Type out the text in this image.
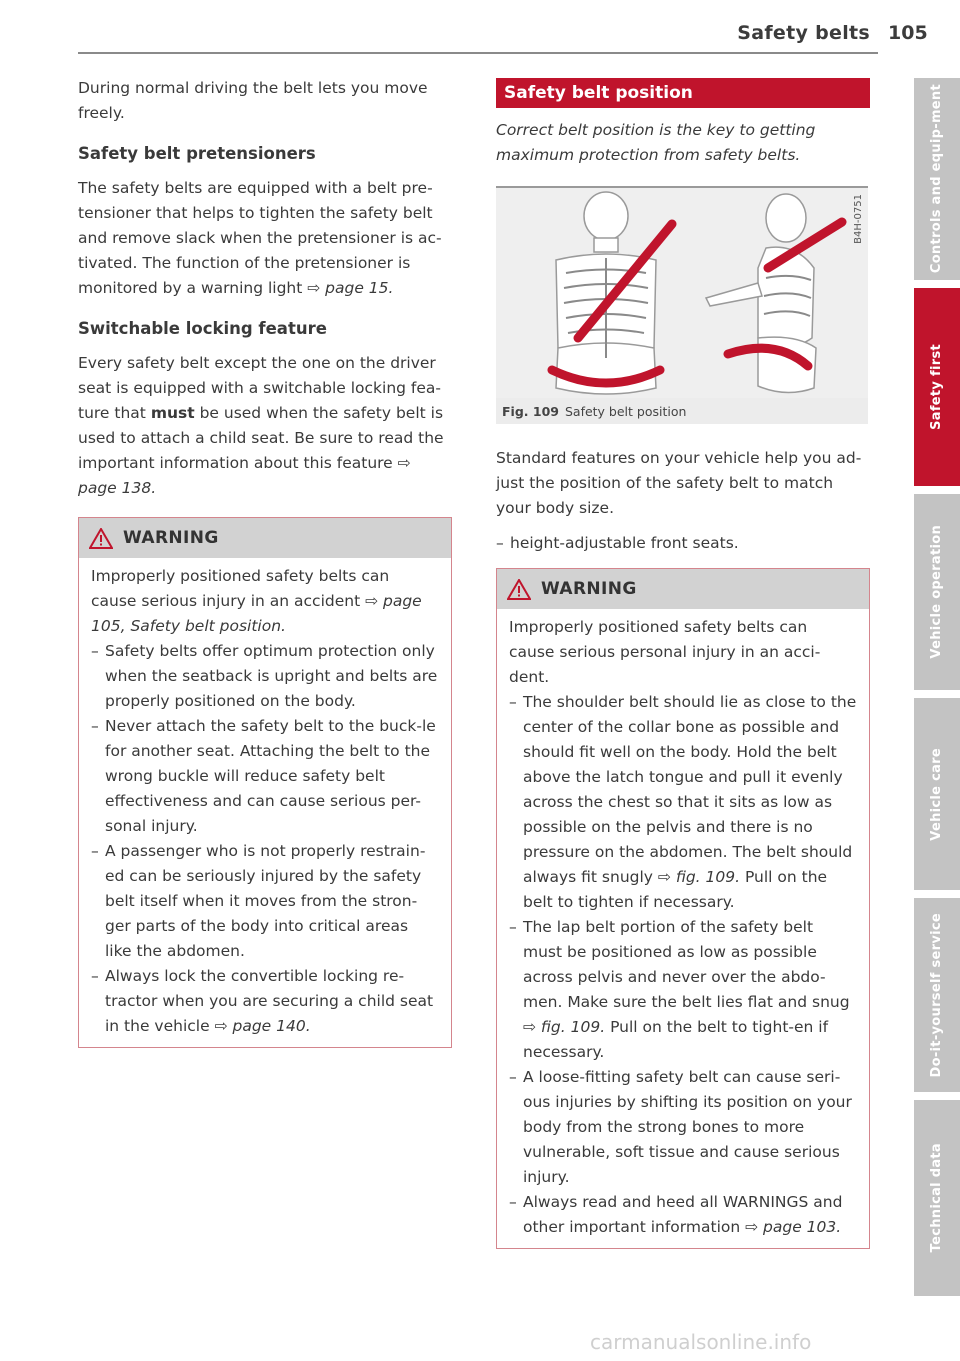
Safety belts 105

During normal driving the belt lets you move freely.

Safety belt pretensioners

The safety belts are equipped with a belt pre-tensioner that helps to tighten the safety belt and remove slack when the pretensioner is ac-tivated. The function of the pretensioner is monitored by a warning light ⇨ page 15.

Switchable locking feature

Every safety belt except the one on the driver seat is equipped with a switchable locking fea-ture that must be used when the safety belt is used to attach a child seat. Be sure to read the important information about this feature ⇨ page 138.

WARNING

Improperly positioned safety belts can cause serious injury in an accident ⇨ page 105, Safety belt position.

– Safety belts offer optimum protection only when the seatback is upright and belts are properly positioned on the body.
– Never attach the safety belt to the buck-le for another seat. Attaching the belt to the wrong buckle will reduce safety belt effectiveness and can cause serious per-sonal injury.
– A passenger who is not properly restrain-ed can be seriously injured by the safety belt itself when it moves from the stron-ger parts of the body into critical areas like the abdomen.
– Always lock the convertible locking re-tractor when you are securing a child seat in the vehicle ⇨ page 140.
Safety belt position

Correct belt position is the key to getting maximum protection from safety belts.

B4H-0751
Fig. 109 Safety belt position

Standard features on your vehicle help you ad-just the position of the safety belt to match your body size.

– height-adjustable front seats.
WARNING

Improperly positioned safety belts can cause serious personal injury in an acci-dent.

– The shoulder belt should lie as close to the center of the collar bone as possible and should fit well on the body. Hold the belt above the latch tongue and pull it evenly across the chest so that it sits as low as possible on the pelvis and there is no pressure on the abdomen. The belt should always fit snugly ⇨ fig. 109. Pull on the belt to tighten if necessary.
– The lap belt portion of the safety belt must be positioned as low as possible across pelvis and never over the abdo-men. Make sure the belt lies flat and snug ⇨ fig. 109. Pull on the belt to tight-en if necessary.
– A loose-fitting safety belt can cause seri-ous injuries by shifting its position on your body from the strong bones to more vulnerable, soft tissue and cause serious injury.
– Always read and heed all WARNINGS and other important information ⇨ page 103.
Controls and equip-ment
Safety first
Vehicle operation
Vehicle care
Do-it-yourself service
Technical data
carmanualsonline.info
